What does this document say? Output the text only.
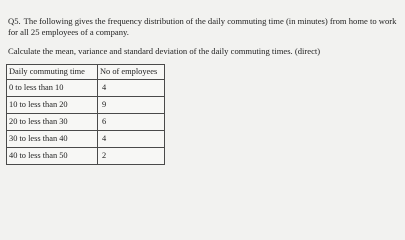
Q5. The following gives the frequency distribution of the daily commuting time (in minutes) from home to work for all 25 employees of a company.

Calculate the mean, variance and standard deviation of the daily commuting times. (direct)

Daily commuting time	No of employees
0 to less than 10	4
10 to less than 20	9
20 to less than 30	6
30 to less than 40	4
40 to less than 50	2
